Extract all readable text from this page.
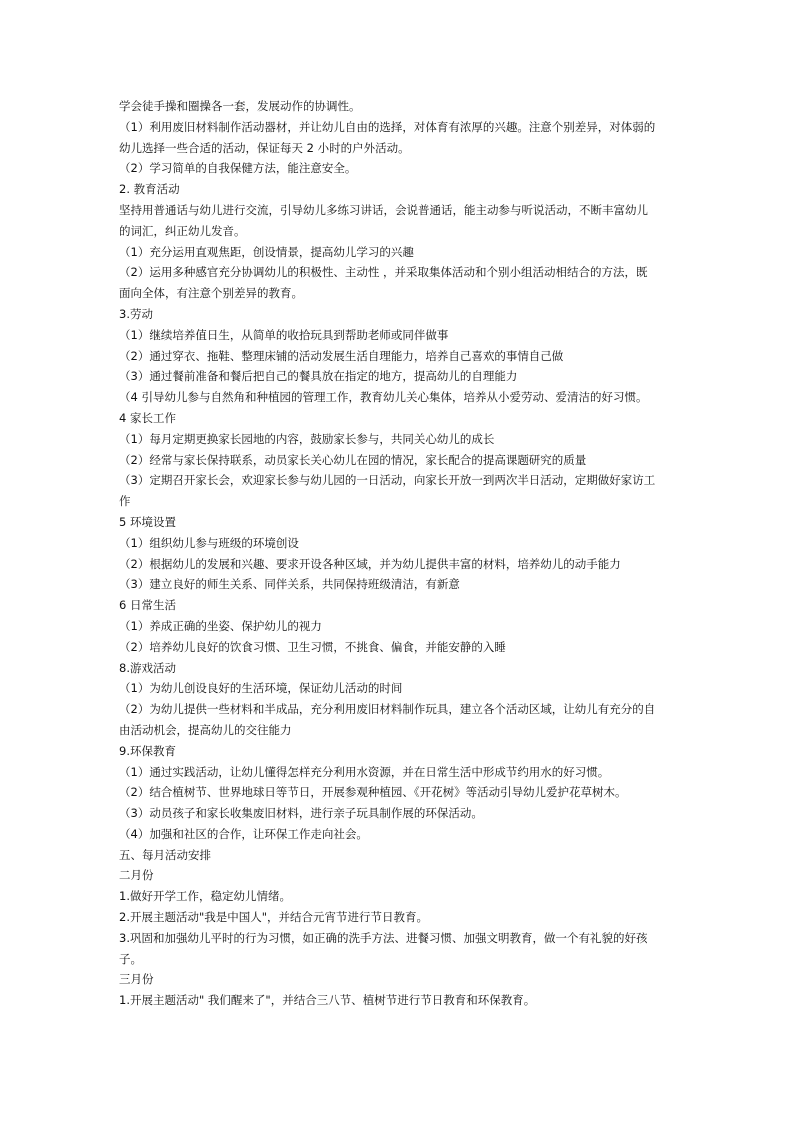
学会徒手操和圈操各一套，发展动作的协调性。
（1）利用废旧材料制作活动器材，并让幼儿自由的选择，对体育有浓厚的兴趣。注意个别差异，对体弱的
幼儿选择一些合适的活动，保证每天 2 小时的户外活动。
（2）学习简单的自我保健方法，能注意安全。
2. 教育活动
坚持用普通话与幼儿进行交流，引导幼儿多练习讲话，会说普通话，能主动参与听说活动，不断丰富幼儿
的词汇，纠正幼儿发音。
（1）充分运用直观焦距，创设情景，提高幼儿学习的兴趣
（2）运用多种感官充分协调幼儿的积极性、主动性 ，并采取集体活动和个别小组活动相结合的方法，既
面向全体，有注意个别差异的教育。
3.劳动
（1）继续培养值日生，从简单的收拾玩具到帮助老师或同伴做事
（2）通过穿衣、拖鞋、整理床铺的活动发展生活自理能力，培养自己喜欢的事情自己做
（3）通过餐前准备和餐后把自己的餐具放在指定的地方，提高幼儿的自理能力
（4 引导幼儿参与自然角和种植园的管理工作，教育幼儿关心集体，培养从小爱劳动、爱清洁的好习惯。
4 家长工作
（1）每月定期更换家长园地的内容，鼓励家长参与，共同关心幼儿的成长
（2）经常与家长保持联系，动员家长关心幼儿在园的情况，家长配合的提高课题研究的质量
（3）定期召开家长会，欢迎家长参与幼儿园的一日活动，向家长开放一到两次半日活动，定期做好家访工
作
5 环境设置
（1）组织幼儿参与班级的环境创设
（2）根据幼儿的发展和兴趣、要求开设各种区域，并为幼儿提供丰富的材料，培养幼儿的动手能力
（3）建立良好的师生关系、同伴关系，共同保持班级清洁，有新意
6 日常生活
（1）养成正确的坐姿、保护幼儿的视力
（2）培养幼儿良好的饮食习惯、卫生习惯，不挑食、偏食，并能安静的入睡
8.游戏活动
（1）为幼儿创设良好的生活环境，保证幼儿活动的时间
（2）为幼儿提供一些材料和半成品，充分利用废旧材料制作玩具，建立各个活动区域，让幼儿有充分的自
由活动机会，提高幼儿的交往能力
9.环保教育
（1）通过实践活动，让幼儿懂得怎样充分利用水资源，并在日常生活中形成节约用水的好习惯。
（2）结合植树节、世界地球日等节日，开展参观种植园、《开花树》等活动引导幼儿爱护花草树木。
（3）动员孩子和家长收集废旧材料，进行亲子玩具制作展的环保活动。
（4）加强和社区的合作，让环保工作走向社会。
五、每月活动安排
二月份
1.做好开学工作，稳定幼儿情绪。
2.开展主题活动"我是中国人"，并结合元宵节进行节日教育。
3.巩固和加强幼儿平时的行为习惯，如正确的洗手方法、进餐习惯、加强文明教育，做一个有礼貌的好孩
子。
三月份
1.开展主题活动" 我们醒来了"，并结合三八节、植树节进行节日教育和环保教育。
